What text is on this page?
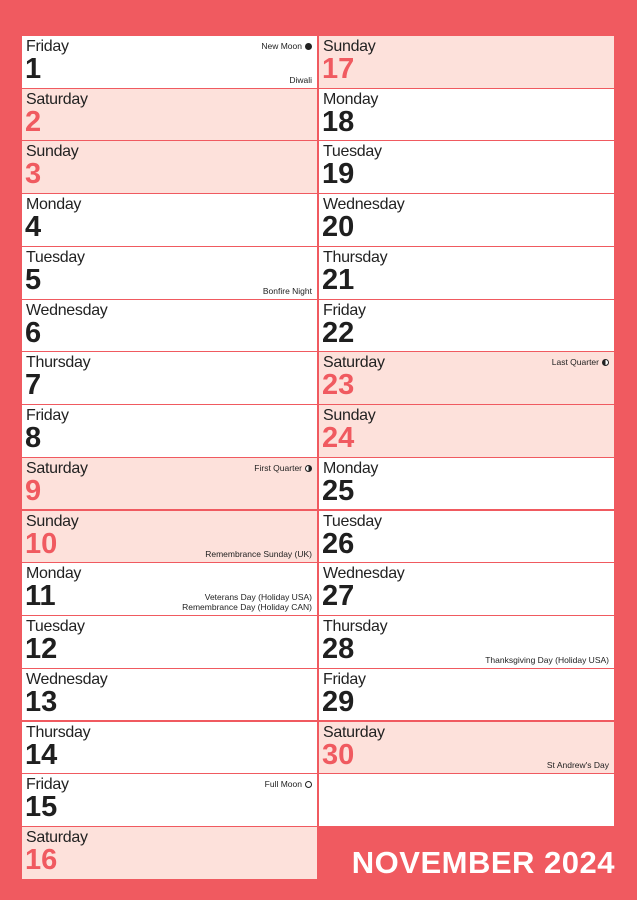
Friday
1
New Moon
Diwali
Saturday
2
Sunday
3
Monday
4
Tuesday
5	Bonfire Night
Wednesday
6
Thursday
7
Friday
8
Saturday
9
First Quarter
Sunday
10	Remembrance Sunday (UK)
Monday
11	Veterans Day (Holiday USA)
Remembrance Day (Holiday CAN)
Tuesday
12
Wednesday
13
Thursday
14
Friday
15
Full Moon
Saturday
16
Sunday
17
Monday
18
Tuesday
19
Wednesday
20
Thursday
21
Friday
22
Saturday
23
Last Quarter
Sunday
24
Monday
25
Tuesday
26
Wednesday
27
Thursday
28	Thanksgiving Day (Holiday USA)
Friday
29
Saturday
30	St Andrew's Day
NOVEMBER 2024
